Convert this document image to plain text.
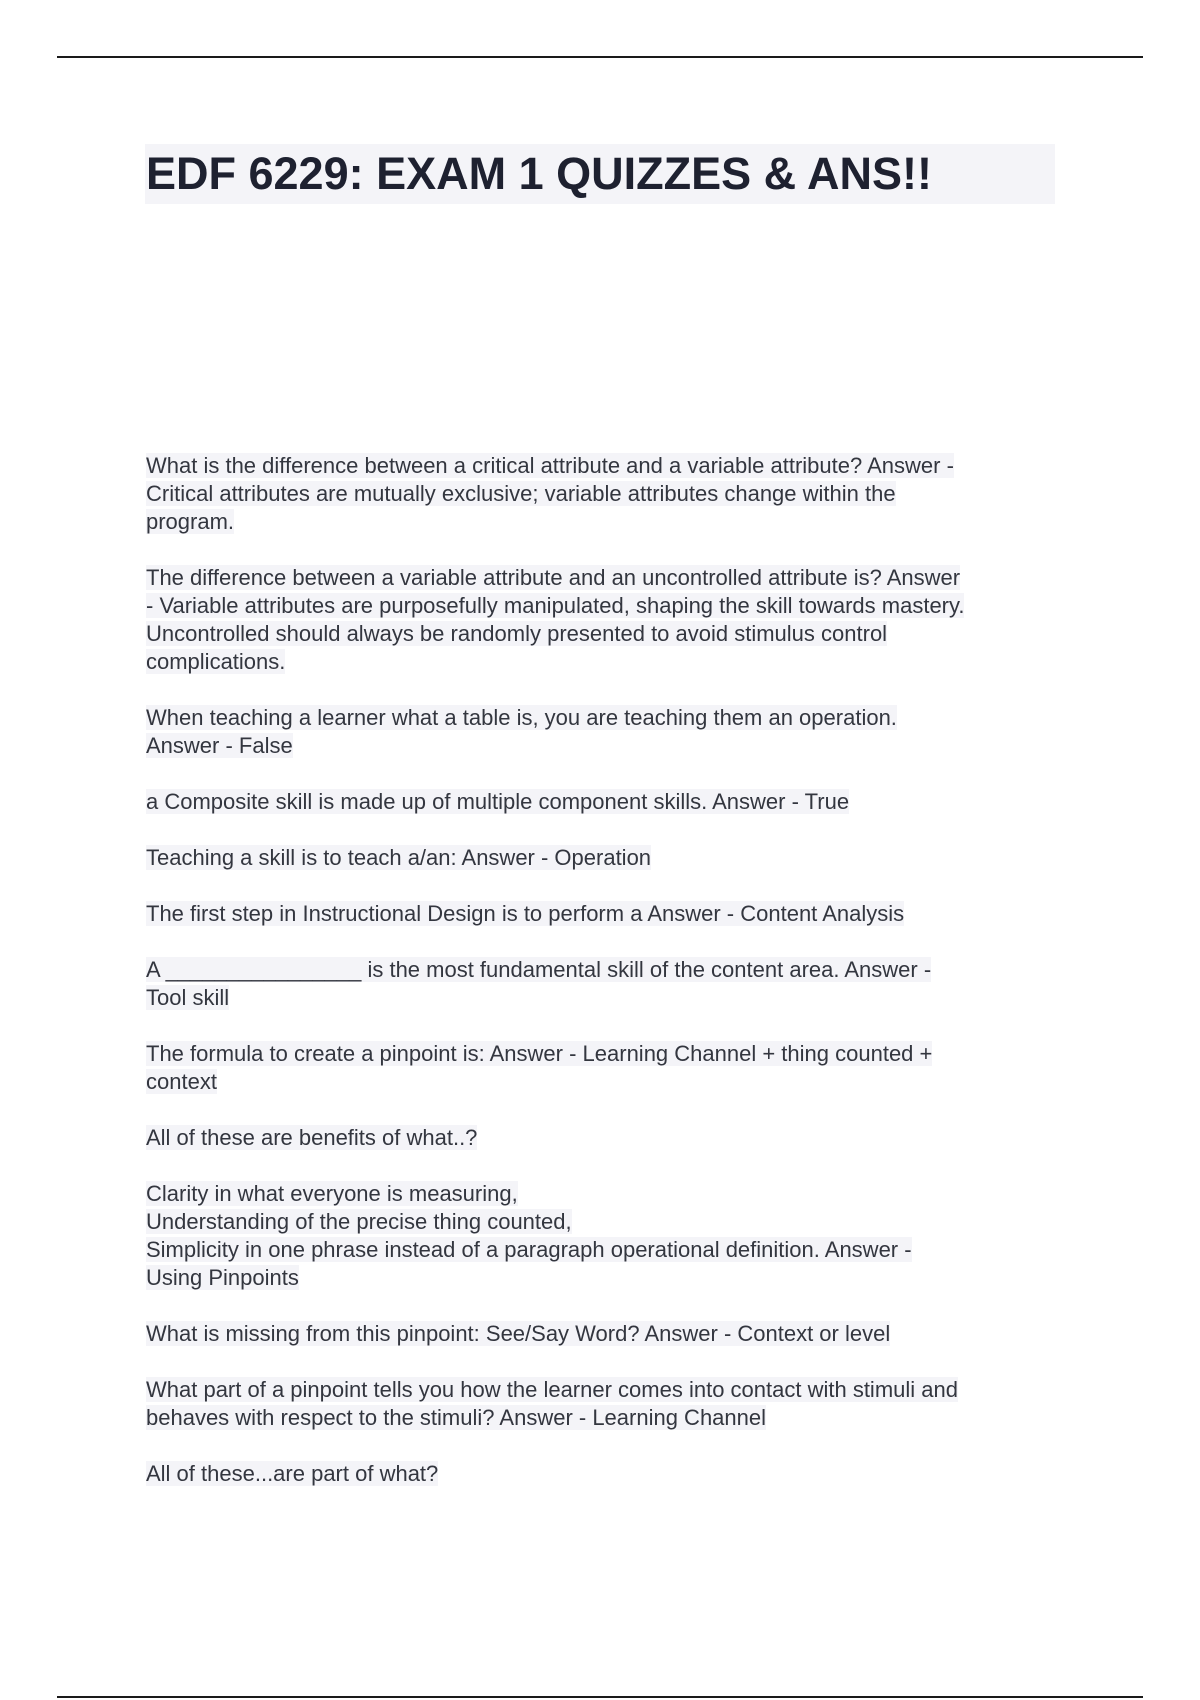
EDF 6229: EXAM 1 QUIZZES & ANS!!

What is the difference between a critical attribute and a variable attribute? Answer -
Critical attributes are mutually exclusive; variable attributes change within the
program.

The difference between a variable attribute and an uncontrolled attribute is? Answer
- Variable attributes are purposefully manipulated, shaping the skill towards mastery.
Uncontrolled should always be randomly presented to avoid stimulus control
complications.

When teaching a learner what a table is, you are teaching them an operation.
Answer - False

a Composite skill is made up of multiple component skills. Answer - True

Teaching a skill is to teach a/an: Answer - Operation

The first step in Instructional Design is to perform a Answer - Content Analysis

A ________________ is the most fundamental skill of the content area. Answer -
Tool skill

The formula to create a pinpoint is: Answer - Learning Channel + thing counted +
context

All of these are benefits of what..?

Clarity in what everyone is measuring,
Understanding of the precise thing counted,
Simplicity in one phrase instead of a paragraph operational definition. Answer -
Using Pinpoints

What is missing from this pinpoint: See/Say Word? Answer - Context or level

What part of a pinpoint tells you how the learner comes into contact with stimuli and
behaves with respect to the stimuli? Answer - Learning Channel

All of these...are part of what?
